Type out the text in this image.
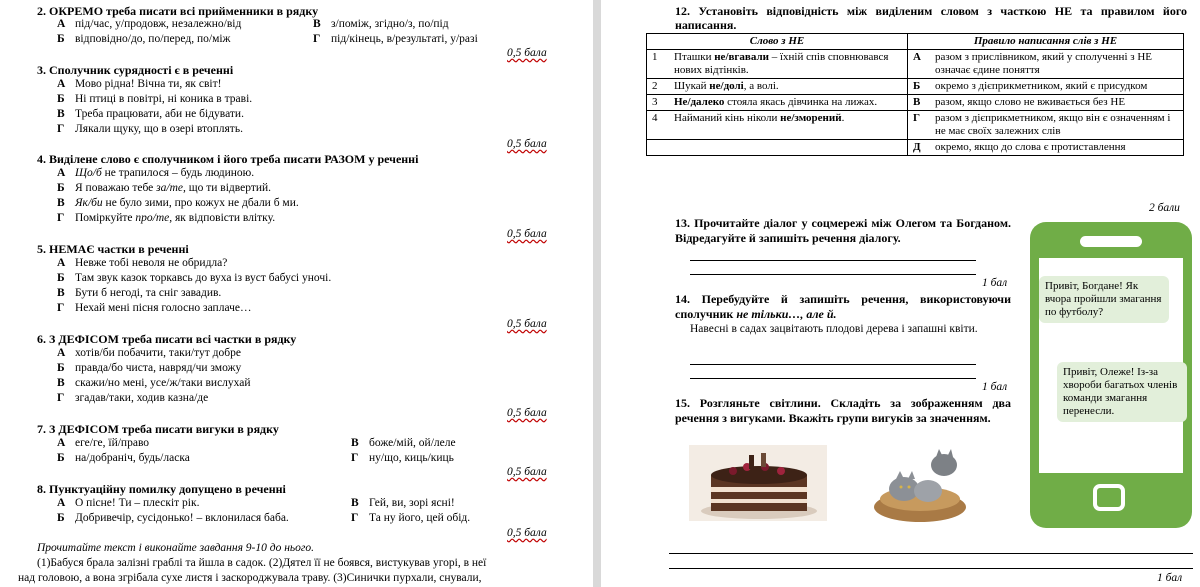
2. ОКРЕМО треба писати всі прийменники в рядку
А під/час, у/продовж, незалежно/від	В з/поміж, згідно/з, по/під
Б відповідно/до, по/перед, по/між	Г під/кінець, в/результаті, у/разі
0,5 бала
3. Сполучник сурядності є в реченні
А Мово рідна! Вічна ти, як світ!
Б Ні птиці в повітрі, ні коника в траві.
В Треба працювати, аби не бідувати.
Г Лякали щуку, що в озері втоплять.
0,5 бала
4. Виділене слово є сполучником і його треба писати РАЗОМ у реченні
А Що/б не трапилося – будь людиною.
Б Я поважаю тебе за/те, що ти відвертий.
В Як/би не було зими, про кожух не дбали б ми.
Г Поміркуйте про/те, як відповісти влітку.
0,5 бала
5. НЕМАЄ частки в реченні
А Невже тобі неволя не обридла?
Б Там звук казок торкавсь до вуха із вуст бабусі уночі.
В Бути б негоді, та сніг завадив.
Г Нехай мені пісня голосно заплаче…
0,5 бала
6. З ДЕФІСОМ треба писати всі частки в рядку
А хотів/би побачити, таки/тут добре
Б правда/бо чиста, навряд/чи зможу
В скажи/но мені, усе/ж/таки вислухай
Г згадав/таки, ходив казна/де
0,5 бала
7. З ДЕФІСОМ треба писати вигуки в рядку
А еге/ге, їй/право	В боже/мій, ой/леле
Б на/добраніч, будь/ласка	Г ну/що, киць/киць
0,5 бала
8. Пунктуаційну помилку допущено в реченні
А О пісне! Ти – плескіт рік.	В Гей, ви, зорі ясні!
Б Добривечір, сусідонько! – вклонилася баба.	Г Та ну його, цей обід.
0,5 бала
Прочитайте текст і виконайте завдання 9-10 до нього.
(1)Бабуся брала залізні граблі та йшла в садок. (2)Дятел її не боявся, вистукував угорі, в неї
над головою, а вона згрібала сухе листя і заскороджувала траву. (3)Синички пурхали, снували,
12. Установіть відповідність між виділеним словом з часткою НЕ та правилом його написання.
Слово з НЕ		Правило написання слів з НЕ	
1	Пташки не/вгавали – їхній спів сповнювався нових відтінків.	А	разом з прислівником, який у сполученні з НЕ означає єдине поняття
2	Шукай не/долі, а волі.	Б	окремо з дієприкметником, який є присудком
3	Не/далеко стояла якась дівчинка на лижах.	В	разом, якщо слово не вживається без НЕ
4	Найманий кінь ніколи не/зморений.	Г	разом з дієприкметником, якщо він є означенням і не має своїх залежних слів
		Д	окремо, якщо до слова є протиставлення
2 бали
13. Прочитайте діалог у соцмережі між Олегом та Богданом. Відредагуйте й запишіть речення діалогу.
1 бал
14. Перебудуйте й запишіть речення, використовуючи сполучник не тільки…, але й.
Навесні в садах зацвітають плодові дерева і запашні квіти.
1 бал
15. Розгляньте світлини. Складіть за зображенням два речення з вигуками. Вкажіть групи вигуків за значенням.
1 бал
Привіт, Богдане! Як вчора пройшли змагання по футболу?
Привіт, Олеже! Із-за хвороби багатьох членів команди змагання перенесли.
